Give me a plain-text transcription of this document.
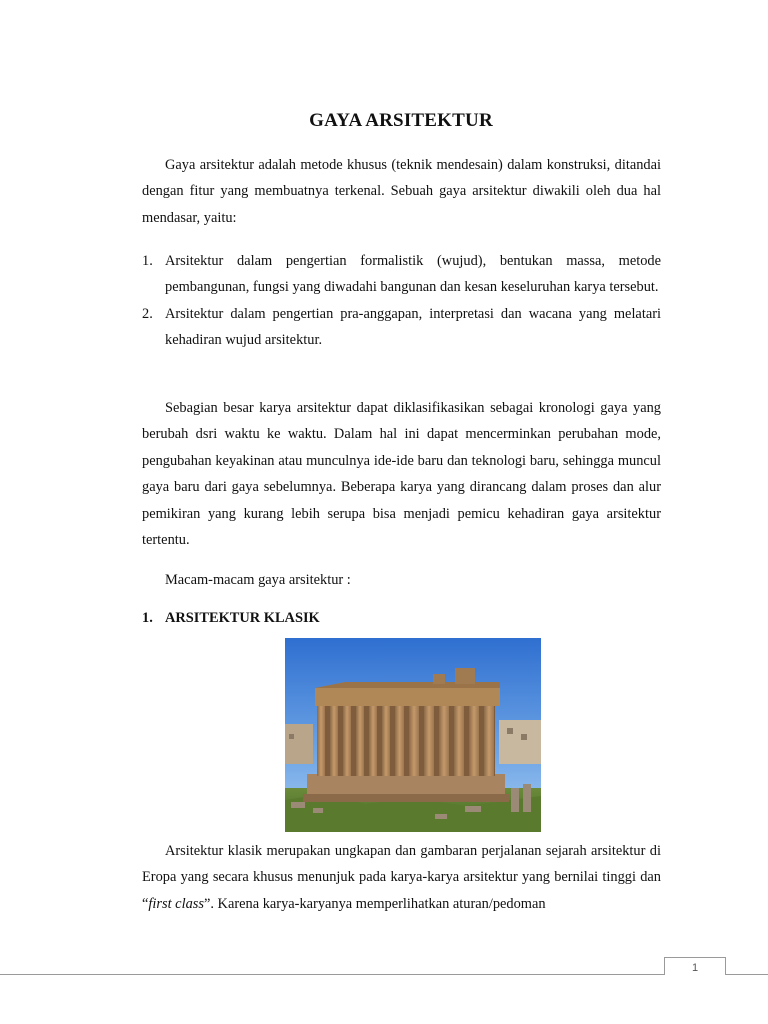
GAYA ARSITEKTUR

Gaya arsitektur adalah metode khusus (teknik mendesain) dalam konstruksi, ditandai dengan fitur yang membuatnya terkenal. Sebuah gaya arsitektur diwakili oleh dua hal mendasar, yaitu:

1. Arsitektur dalam pengertian formalistik (wujud), bentukan massa, metode pembangunan, fungsi yang diwadahi bangunan dan kesan keseluruhan karya tersebut.
2. Arsitektur dalam pengertian pra-anggapan, interpretasi dan wacana yang melatari kehadiran wujud arsitektur.

Sebagian besar karya arsitektur dapat diklasifikasikan sebagai kronologi gaya yang berubah dsri waktu ke waktu. Dalam hal ini dapat mencerminkan perubahan mode, pengubahan keyakinan atau munculnya ide-ide baru dan teknologi baru, sehingga muncul gaya baru dari gaya sebelumnya. Beberapa karya yang dirancang dalam proses dan alur pemikiran yang kurang lebih serupa bisa menjadi pemicu kehadiran gaya arsitektur tertentu.

Macam-macam gaya arsitektur :

1. ARSITEKTUR KLASIK

Arsitektur klasik merupakan ungkapan dan gambaran perjalanan sejarah arsitektur di Eropa yang secara khusus menunjuk pada karya-karya arsitektur yang bernilai tinggi dan “first class”. Karena karya-karyanya memperlihatkan aturan/pedoman

1
